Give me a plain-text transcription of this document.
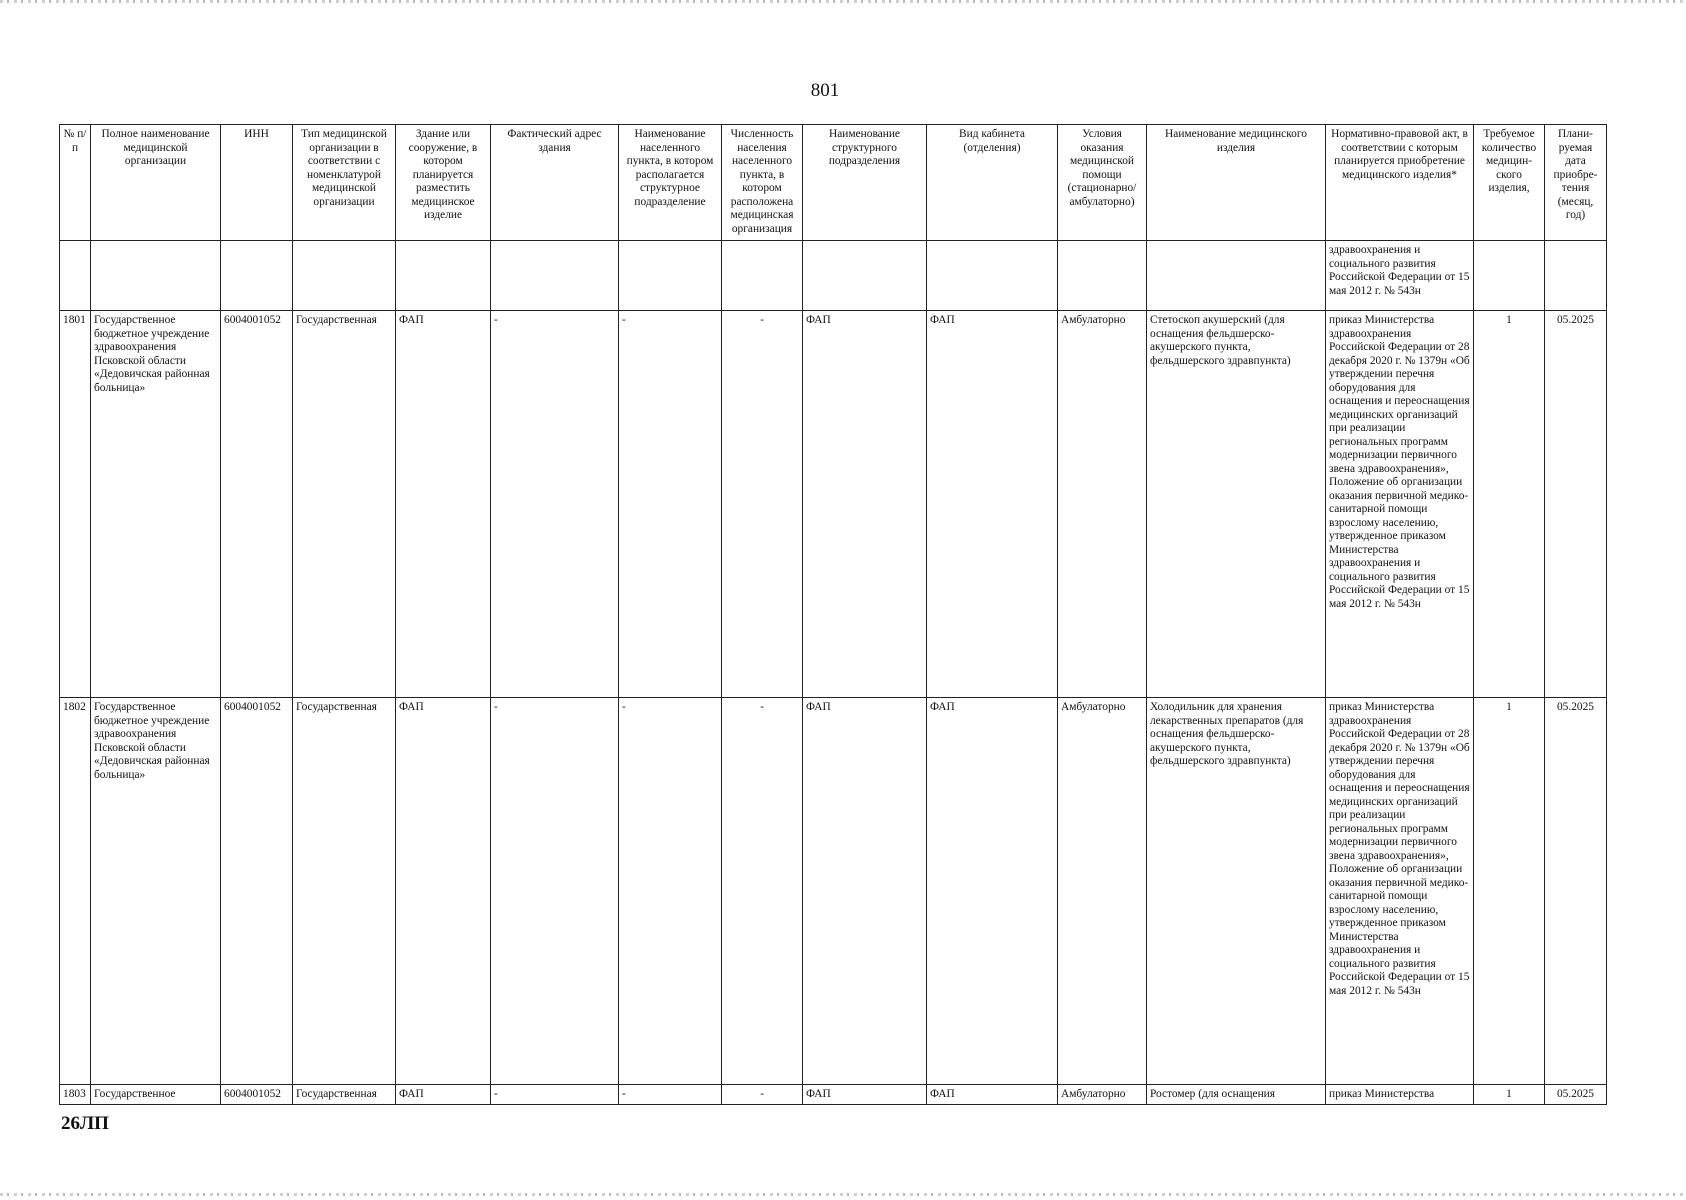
801
№ п/п	Полное наименование медицинской организации	ИНН	Тип медицинской организации в соответствии с номенклатурой медицинской организации	Здание или сооружение, в котором планируется разместить медицинское изделие	Фактический адрес здания	Наименование населенного пункта, в котором располагается структурное подразделение	Численность населения населенного пункта, в котором расположена медицинская организация	Наименование структурного подразделения	Вид кабинета (отделения)	Условия оказания медицинской помощи (стационарно/ амбулаторно)	Наименование медицинского изделия	Нормативно-правовой акт, в соответствии с которым планируется приобретение медицинского изделия*	Требуемое количество медицин-ского изделия,	Плани-руемая дата приобре-тения (месяц, год)
												здравоохранения и социального развития Российской Федерации от 15 мая 2012 г. № 543н		
1801	Государственное бюджетное учреждение здравоохранения Псковской области «Дедовичская районная больница»	6004001052	Государственная	ФАП	-	-	-	ФАП	ФАП	Амбулаторно	Стетоскоп акушерский (для оснащения фельдшерско-акушерского пункта, фельдшерского здравпункта)	приказ Министерства здравоохранения Российской Федерации от 28 декабря 2020 г. № 1379н «Об утверждении перечня оборудования для оснащения и переоснащения медицинских организаций при реализации региональных программ модернизации первичного звена здравоохранения», Положение об организации оказания первичной медико-санитарной помощи взрослому населению, утвержденное приказом Министерства здравоохранения и социального развития Российской Федерации от 15 мая 2012 г. № 543н	1	05.2025
1802	Государственное бюджетное учреждение здравоохранения Псковской области «Дедовичская районная больница»	6004001052	Государственная	ФАП	-	-	-	ФАП	ФАП	Амбулаторно	Холодильник для хранения лекарственных препаратов (для оснащения фельдшерско-акушерского пункта, фельдшерского здравпункта)	приказ Министерства здравоохранения Российской Федерации от 28 декабря 2020 г. № 1379н «Об утверждении перечня оборудования для оснащения и переоснащения медицинских организаций при реализации региональных программ модернизации первичного звена здравоохранения», Положение об организации оказания первичной медико-санитарной помощи взрослому населению, утвержденное приказом Министерства здравоохранения и социального развития Российской Федерации от 15 мая 2012 г. № 543н	1	05.2025
1803	Государственное	6004001052	Государственная	ФАП	-	-	-	ФАП	ФАП	Амбулаторно	Ростомер (для оснащения	приказ Министерства	1	05.2025
26ЛП
